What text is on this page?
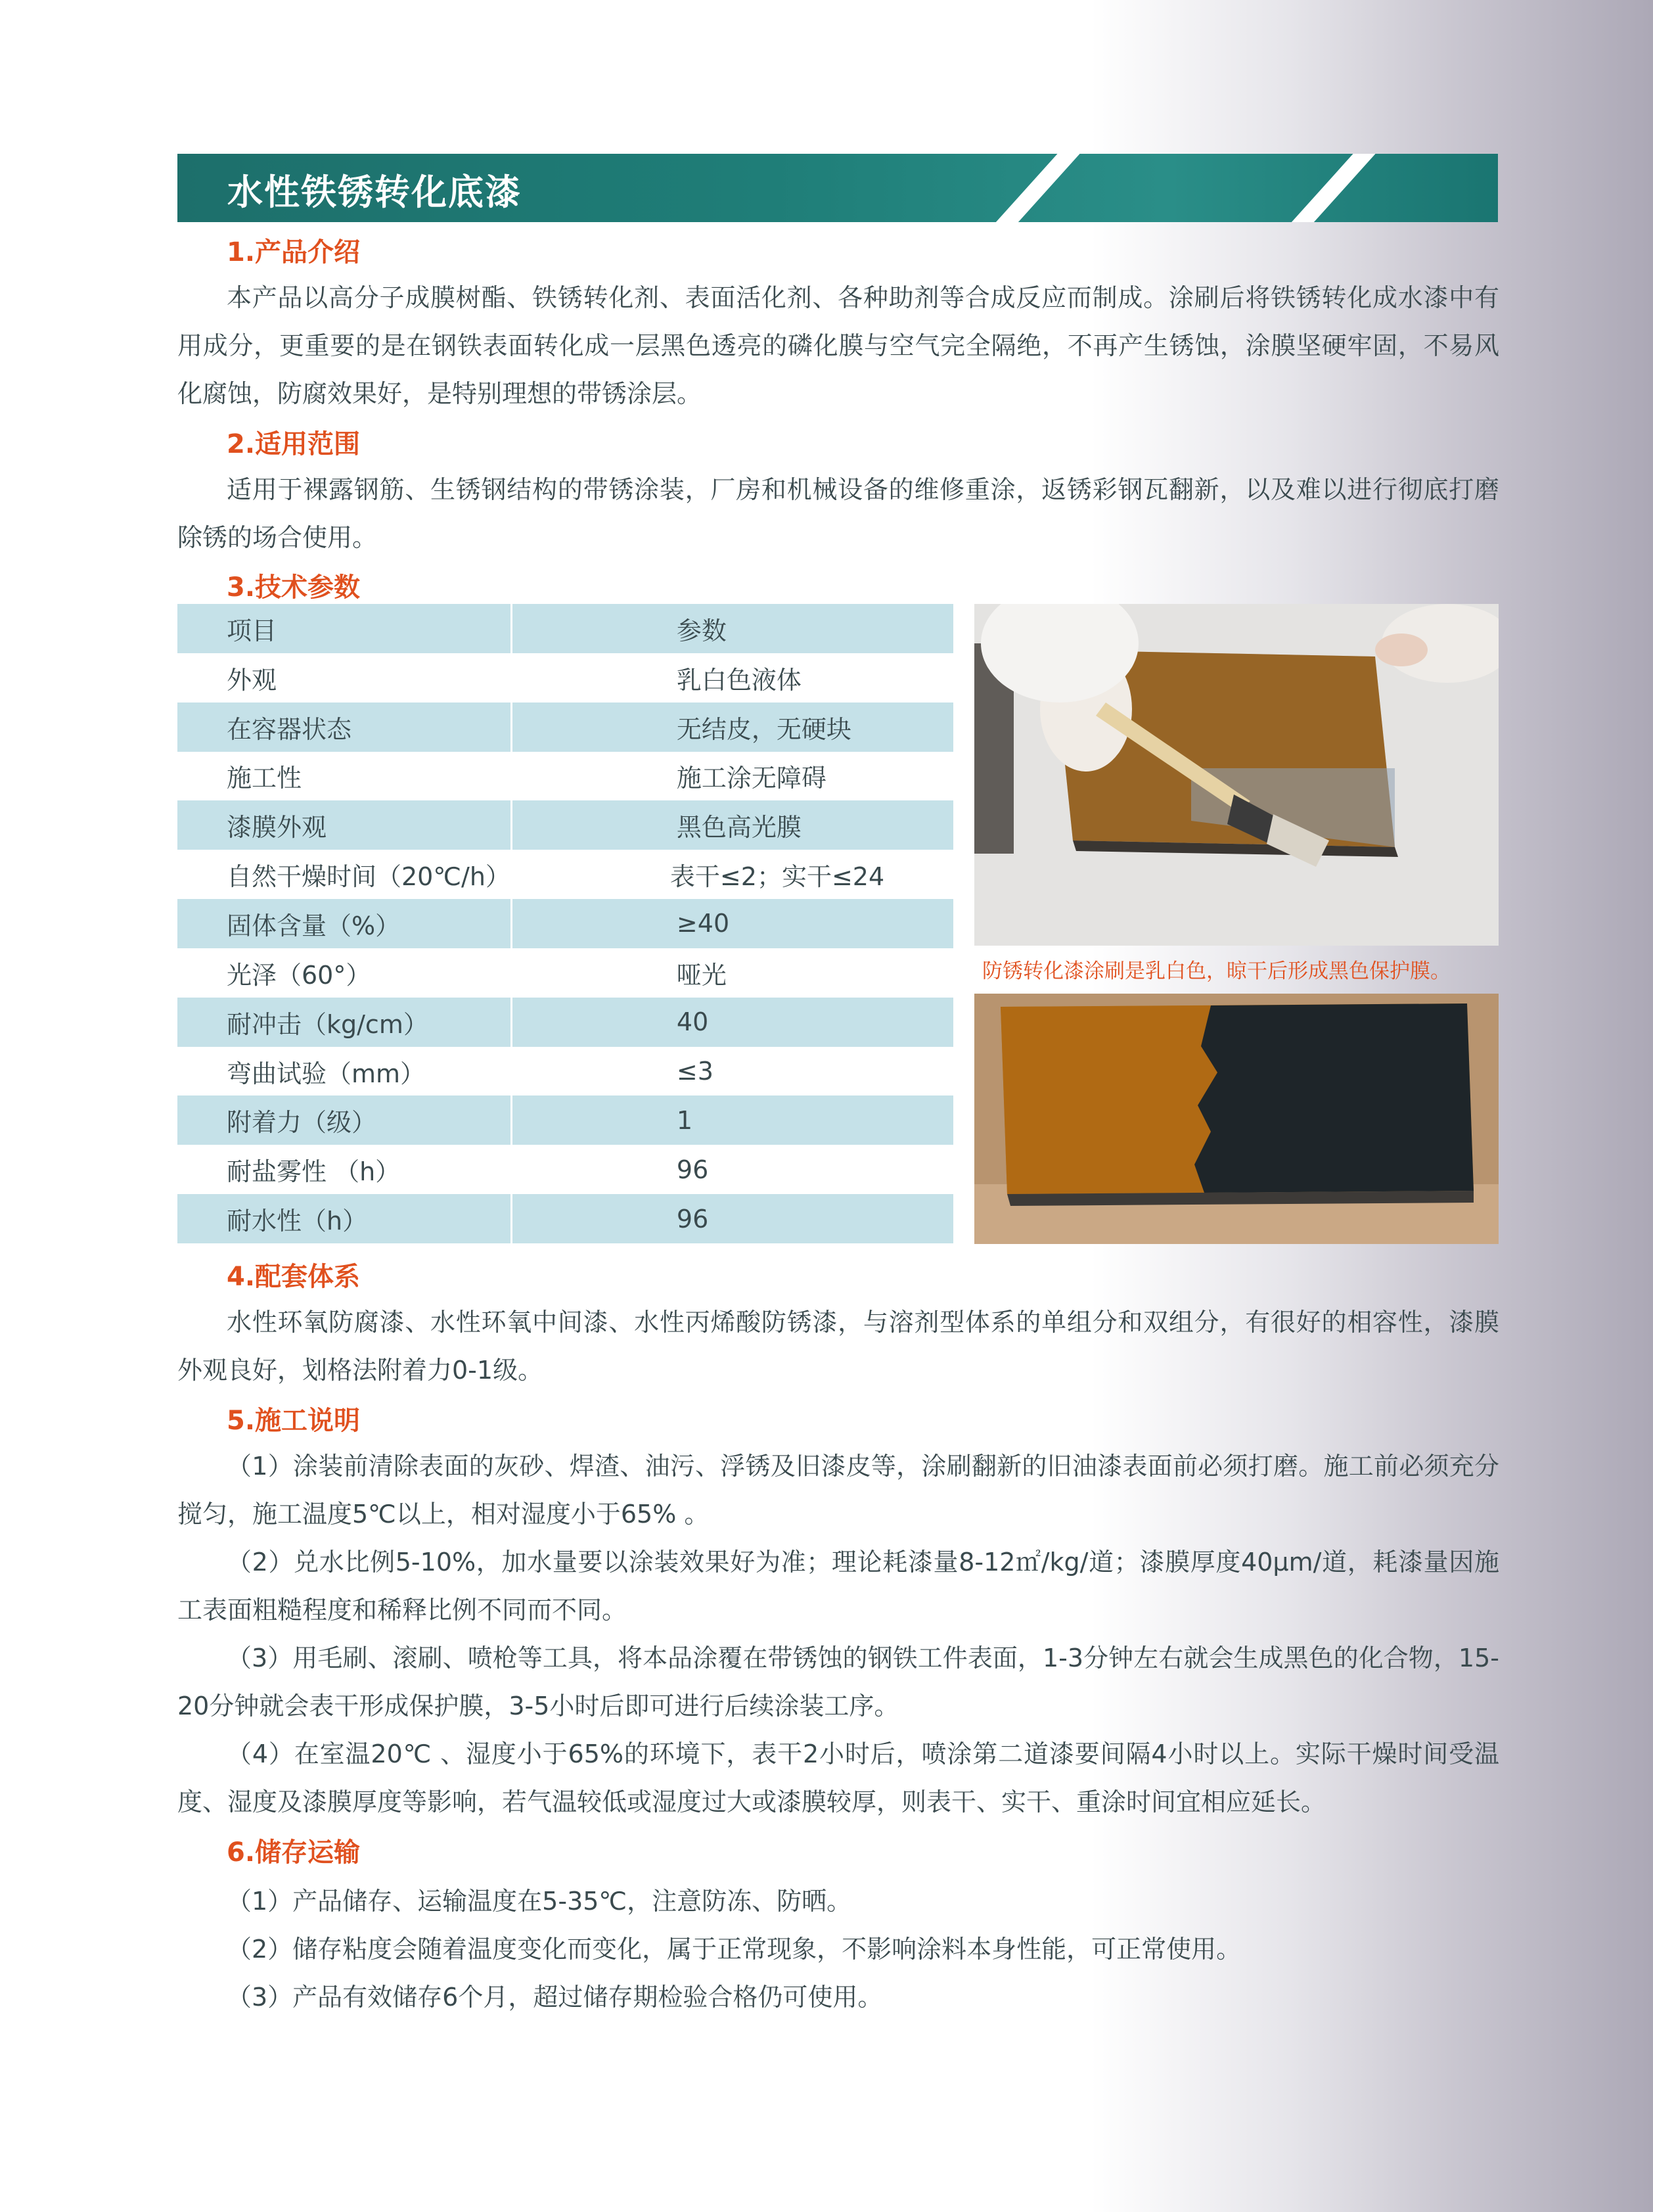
水性铁锈转化底漆
1.产品介绍

本产品以高分子成膜树酯、铁锈转化剂、表面活化剂、各种助剂等合成反应而制成。涂刷后将铁锈转化成水漆中有用成分，更重要的是在钢铁表面转化成一层黑色透亮的磷化膜与空气完全隔绝，不再产生锈蚀，涂膜坚硬牢固，不易风化腐蚀，防腐效果好，是特别理想的带锈涂层。

2.适用范围

适用于裸露钢筋、生锈钢结构的带锈涂装，厂房和机械设备的维修重涂，返锈彩钢瓦翻新，以及难以进行彻底打磨除锈的场合使用。

3.技术参数
项目	参数
外观	乳白色液体
在容器状态	无结皮，无硬块
施工性	施工涂无障碍
漆膜外观	黑色高光膜
自然干燥时间（20℃/h）	表干≤2；实干≤24
固体含量（%）	≥40
光泽（60°）	哑光
耐冲击（kg/cm）	40
弯曲试验（mm）	≤3
附着力（级）	1
耐盐雾性 （h）	96
耐水性（h）	96
防锈转化漆涂刷是乳白色，晾干后形成黑色保护膜。
4.配套体系

水性环氧防腐漆、水性环氧中间漆、水性丙烯酸防锈漆，与溶剂型体系的单组分和双组分，有很好的相容性，漆膜外观良好，划格法附着力0-1级。

5.施工说明

（1）涂装前清除表面的灰砂、焊渣、油污、浮锈及旧漆皮等，涂刷翻新的旧油漆表面前必须打磨。施工前必须充分搅匀，施工温度5℃以上，相对湿度小于65% 。

（2）兑水比例5-10%，加水量要以涂装效果好为准；理论耗漆量8-12㎡/kg/道；漆膜厚度40μm/道，耗漆量因施工表面粗糙程度和稀释比例不同而不同。

（3）用毛刷、滚刷、喷枪等工具，将本品涂覆在带锈蚀的钢铁工件表面，1-3分钟左右就会生成黑色的化合物，15-20分钟就会表干形成保护膜，3-5小时后即可进行后续涂装工序。

（4）在室温20℃ 、湿度小于65%的环境下，表干2小时后，喷涂第二道漆要间隔4小时以上。实际干燥时间受温度、湿度及漆膜厚度等影响，若气温较低或湿度过大或漆膜较厚，则表干、实干、重涂时间宜相应延长。

6.储存运输
（1）产品储存、运输温度在5-35℃，注意防冻、防晒。
（2）储存粘度会随着温度变化而变化，属于正常现象，不影响涂料本身性能，可正常使用。
（3）产品有效储存6个月，超过储存期检验合格仍可使用。
